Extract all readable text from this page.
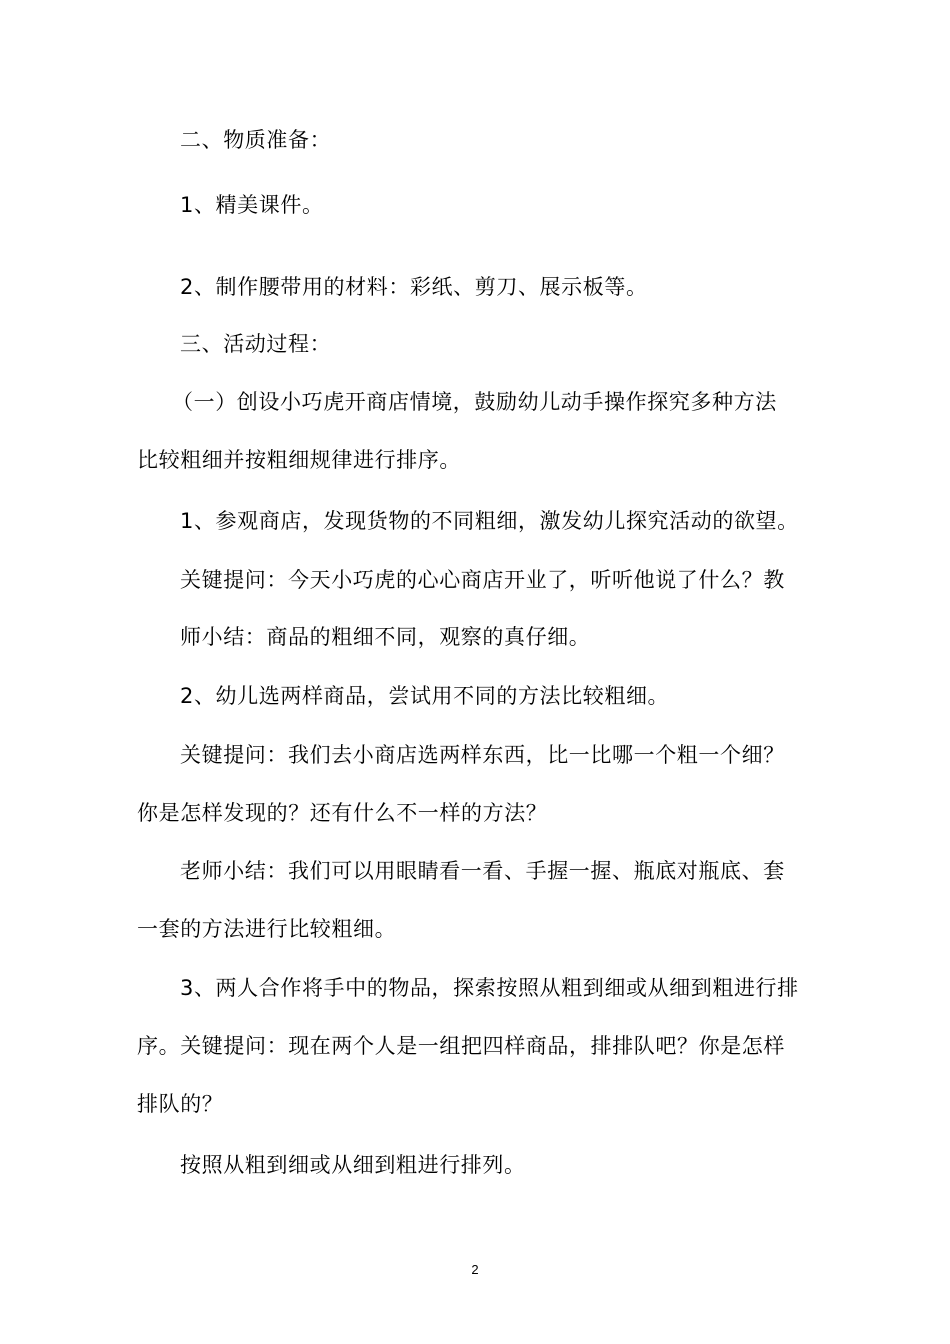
二、物质准备：
1、精美课件。
2、制作腰带用的材料：彩纸、剪刀、展示板等。
三、活动过程：
（一）创设小巧虎开商店情境，鼓励幼儿动手操作探究多种方法
比较粗细并按粗细规律进行排序。
1、参观商店，发现货物的不同粗细，激发幼儿探究活动的欲望。
关键提问：今天小巧虎的心心商店开业了，听听他说了什么？教
师小结：商品的粗细不同，观察的真仔细。
2、幼儿选两样商品，尝试用不同的方法比较粗细。
关键提问：我们去小商店选两样东西，比一比哪一个粗一个细？
你是怎样发现的？还有什么不一样的方法？
老师小结：我们可以用眼睛看一看、手握一握、瓶底对瓶底、套
一套的方法进行比较粗细。
3、两人合作将手中的物品，探索按照从粗到细或从细到粗进行排
序。关键提问：现在两个人是一组把四样商品，排排队吧？你是怎样
排队的？
按照从粗到细或从细到粗进行排列。
2
